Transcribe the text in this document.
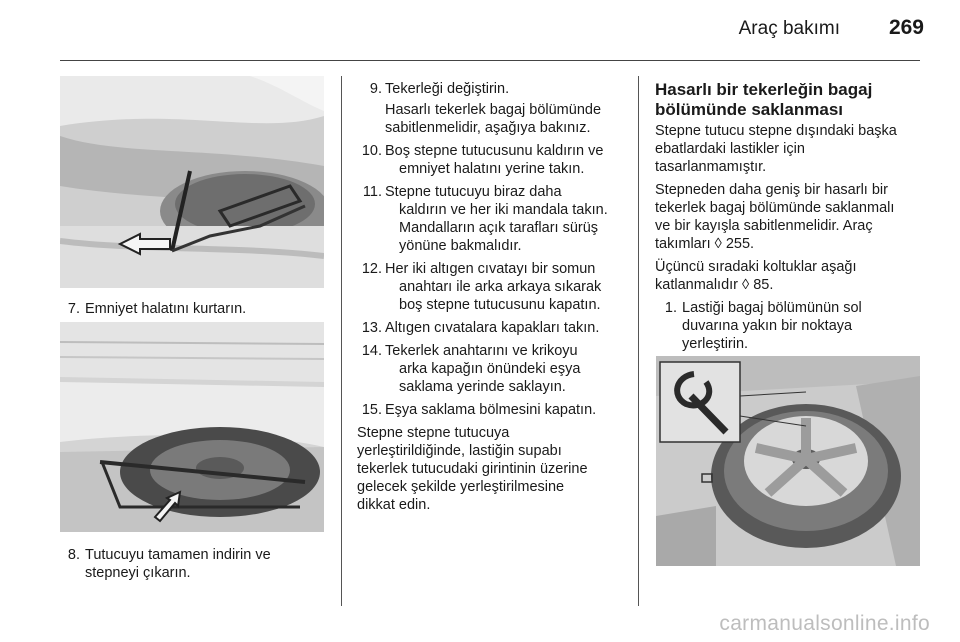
Araç bakımı	269
7. Emniyet halatını kurtarın.
8. Tutucuyu tamamen indirin ve
stepneyi çıkarın.
9. Tekerleği değiştirin.
Hasarlı tekerlek bagaj bölümünde
sabitlenmelidir, aşağıya bakınız.
10. Boş stepne tutucusunu kaldırın ve
emniyet halatını yerine takın.
11. Stepne tutucuyu biraz daha
kaldırın ve her iki mandala takın.
Mandalların açık tarafları sürüş
yönüne bakmalıdır.
12. Her iki altıgen cıvatayı bir somun
anahtarı ile arka arkaya sıkarak
boş stepne tutucusunu kapatın.
13. Altıgen cıvatalara kapakları takın.
14. Tekerlek anahtarını ve krikoyu
arka kapağın önündeki eşya
saklama yerinde saklayın.
15. Eşya saklama bölmesini kapatın.
Stepne stepne tutucuya
yerleştirildiğinde, lastiğin supabı
tekerlek tutucudaki girintinin üzerine
gelecek şekilde yerleştirilmesine
dikkat edin.
Hasarlı bir tekerleğin bagaj
bölümünde saklanması
Stepne tutucu stepne dışındaki başka
ebatlardaki lastikler için
tasarlanmamıştır.
Stepneden daha geniş bir hasarlı bir
tekerlek bagaj bölümünde saklanmalı
ve bir kayışla sabitlenmelidir. Araç
takımları ◊ 255.
Üçüncü sıradaki koltuklar aşağı
katlanmalıdır ◊ 85.
1. Lastiği bagaj bölümünün sol
duvarına yakın bir noktaya
yerleştirin.
carmanualsonline.info
